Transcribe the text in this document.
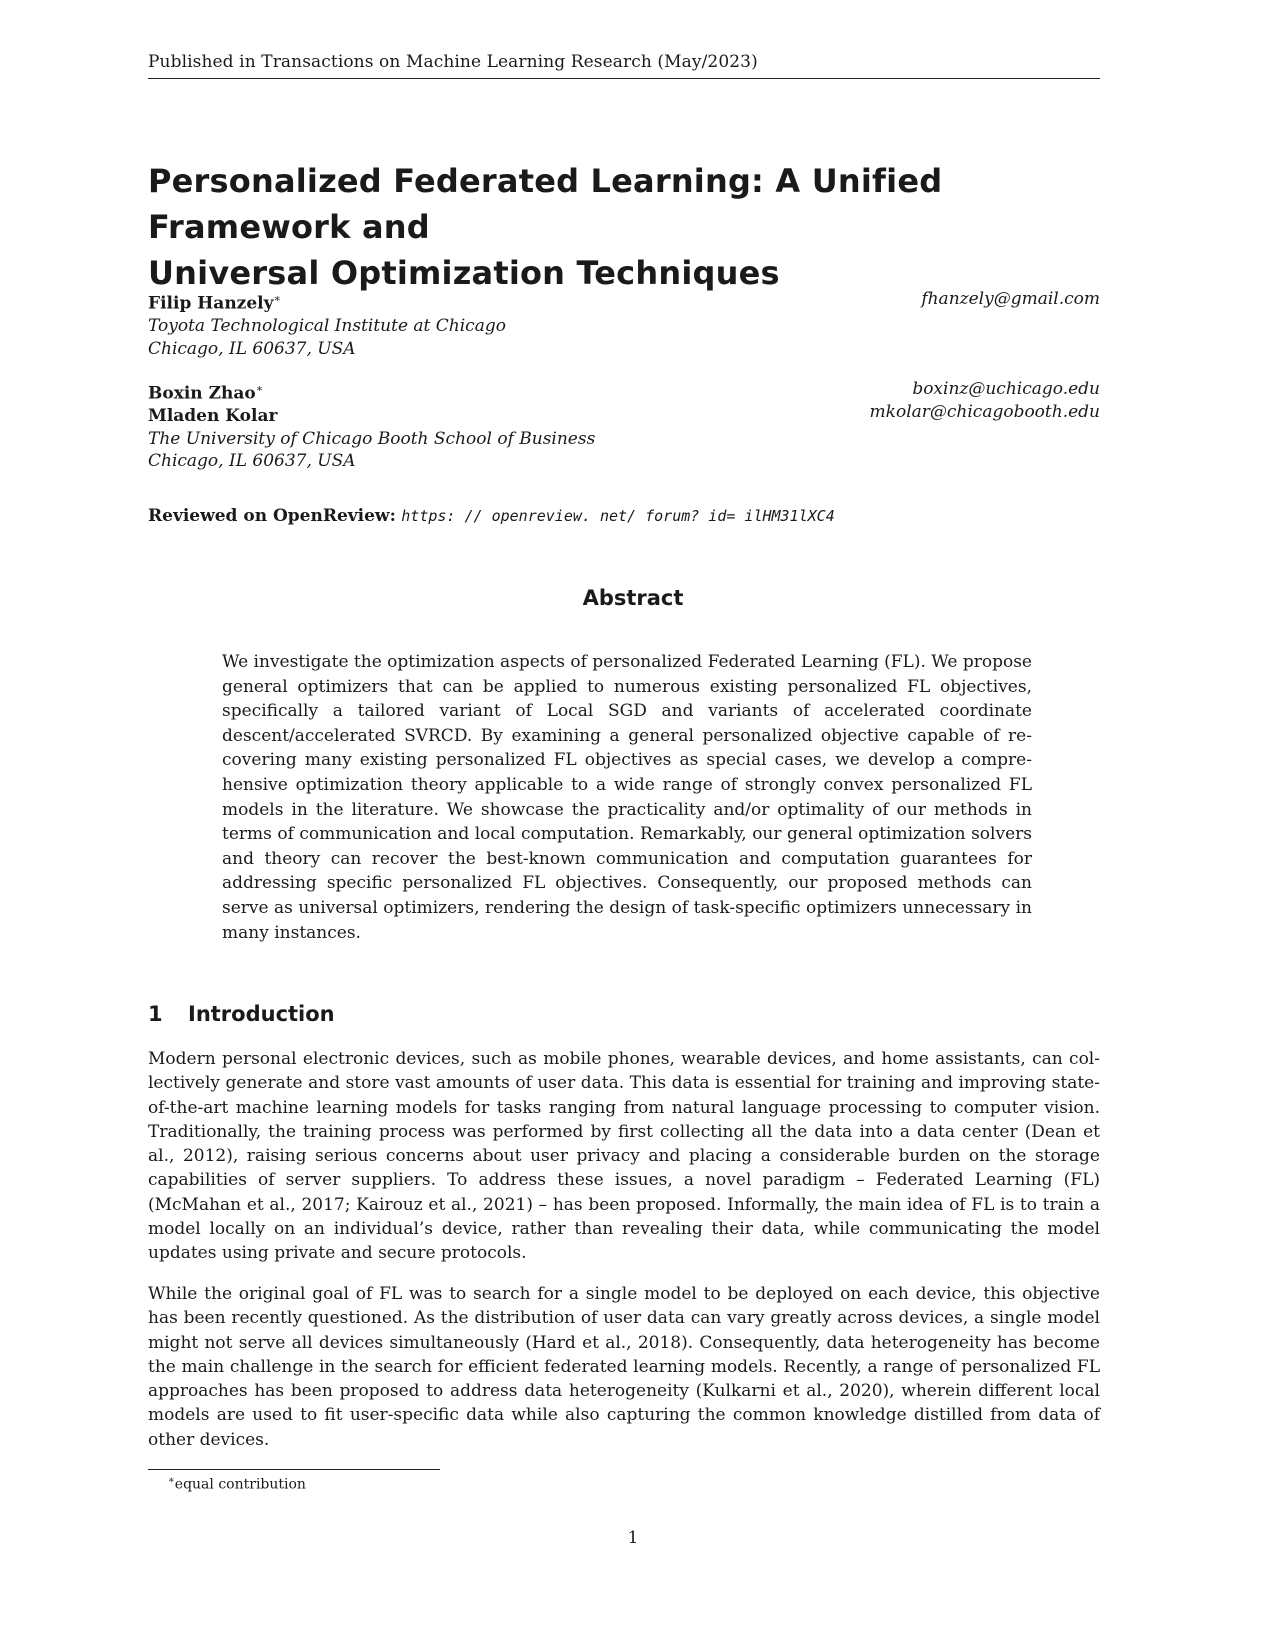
Published in Transactions on Machine Learning Research (May/2023)
Personalized Federated Learning: A Unified Framework and
Universal Optimization Techniques
Filip Hanzely∗	fhanzely@gmail.com
Toyota Technological Institute at Chicago
Chicago, IL 60637, USA
Boxin Zhao∗	boxinz@uchicago.edu
Mladen Kolar	mkolar@chicagobooth.edu
The University of Chicago Booth School of Business
Chicago, IL 60637, USA
Reviewed on OpenReview: https: // openreview. net/ forum? id= ilHM31lXC4
Abstract
We investigate the optimization aspects of personalized Federated Learning (FL). We propose general optimizers that can be applied to numerous existing personalized FL objectives, specifically a tailored variant of Local SGD and variants of accelerated coordinate descent/accelerated SVRCD. By examining a general personalized objective capable of recovering many existing personalized FL objectives as special cases, we develop a comprehensive optimization theory applicable to a wide range of strongly convex personalized FL models in the literature. We showcase the practicality and/or optimality of our methods in terms of communication and local computation. Remarkably, our general optimization solvers and theory can recover the best-known communication and computation guarantees for addressing specific personalized FL objectives. Consequently, our proposed methods can serve as universal optimizers, rendering the design of task-specific optimizers unnecessary in many instances.
1 Introduction
Modern personal electronic devices, such as mobile phones, wearable devices, and home assistants, can collectively generate and store vast amounts of user data. This data is essential for training and improving state-of-the-art machine learning models for tasks ranging from natural language processing to computer vision. Traditionally, the training process was performed by first collecting all the data into a data center (Dean et al., 2012), raising serious concerns about user privacy and placing a considerable burden on the storage capabilities of server suppliers. To address these issues, a novel paradigm – Federated Learning (FL) (McMahan et al., 2017; Kairouz et al., 2021) – has been proposed. Informally, the main idea of FL is to train a model locally on an individual’s device, rather than revealing their data, while communicating the model updates using private and secure protocols.
While the original goal of FL was to search for a single model to be deployed on each device, this objective has been recently questioned. As the distribution of user data can vary greatly across devices, a single model might not serve all devices simultaneously (Hard et al., 2018). Consequently, data heterogeneity has become the main challenge in the search for efficient federated learning models. Recently, a range of personalized FL approaches has been proposed to address data heterogeneity (Kulkarni et al., 2020), wherein different local models are used to fit user-specific data while also capturing the common knowledge distilled from data of other devices.
∗equal contribution
1
